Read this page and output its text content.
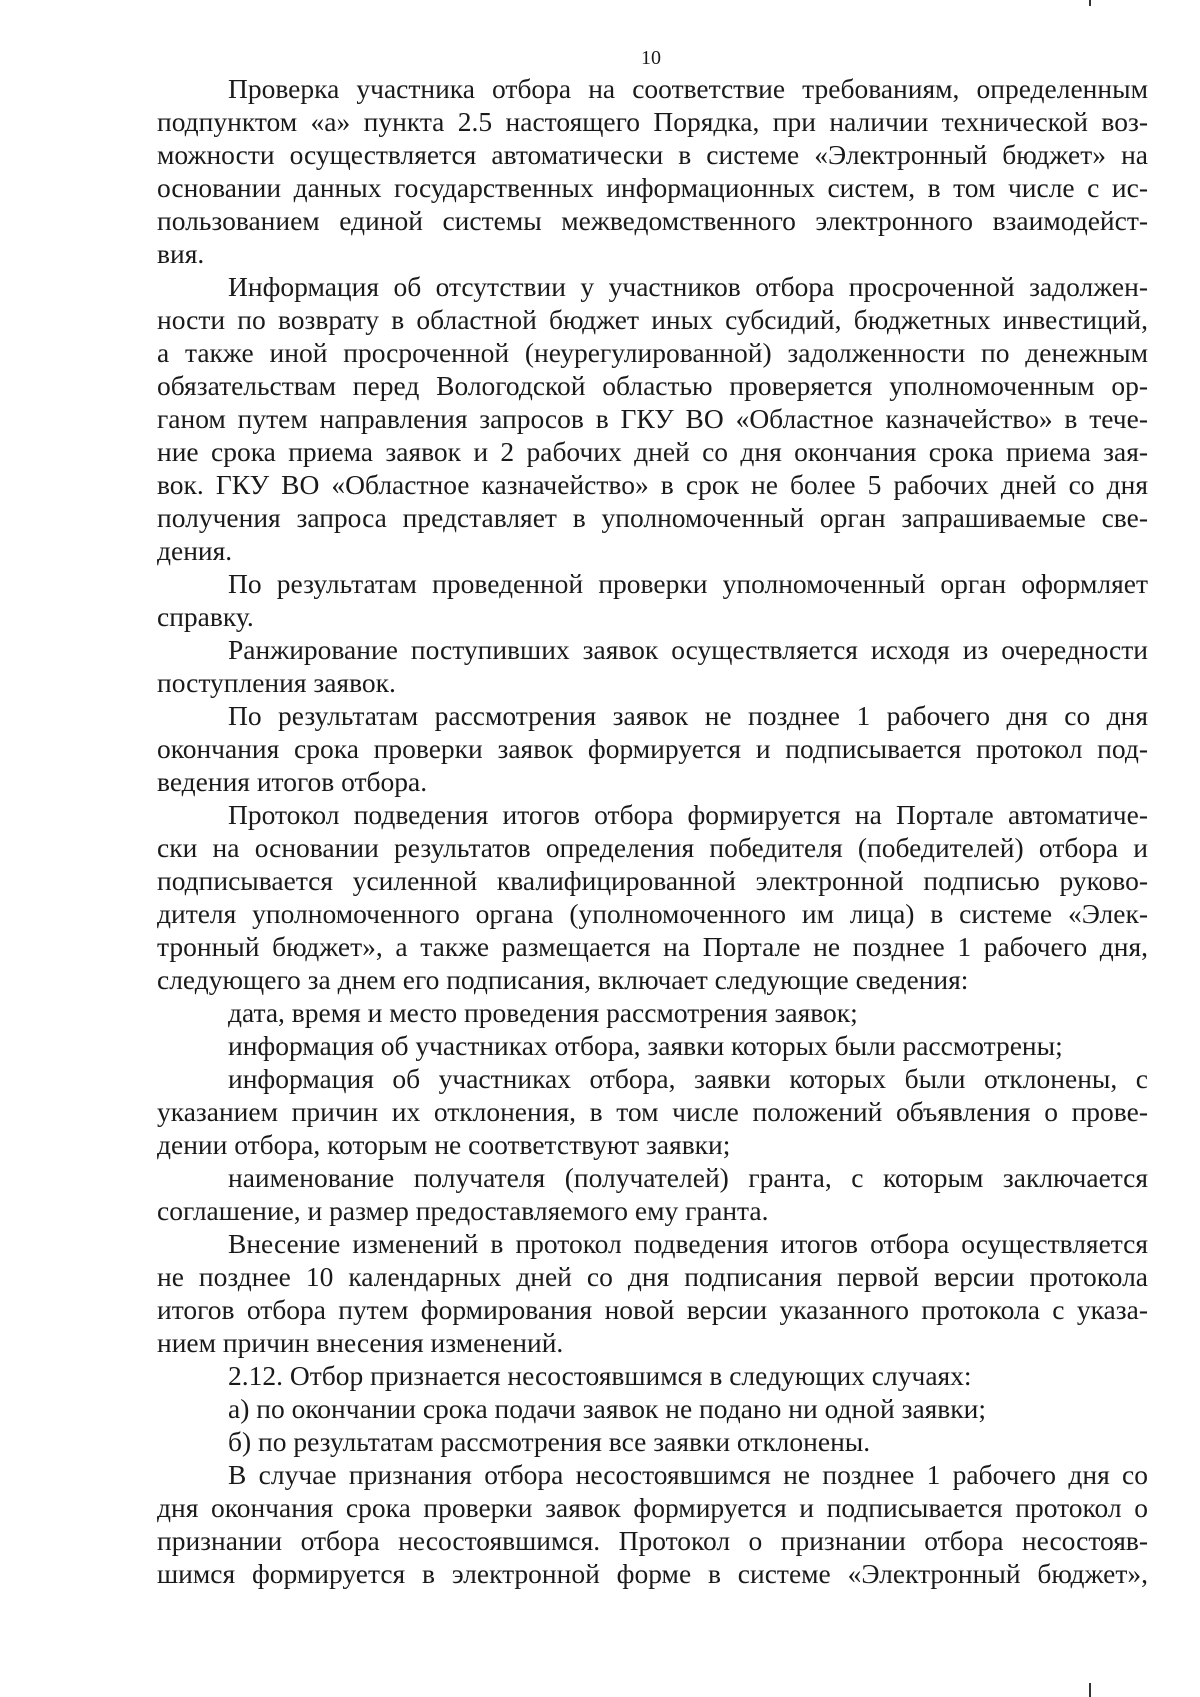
10
Проверка участника отбора на соответствие требованиям, определенным
подпунктом «а» пункта 2.5 настоящего Порядка, при наличии технической воз-
можности осуществляется автоматически в системе «Электронный бюджет» на
основании данных государственных информационных систем, в том числе с ис-
пользованием единой системы межведомственного электронного взаимодейст-
вия.
Информация об отсутствии у участников отбора просроченной задолжен-
ности по возврату в областной бюджет иных субсидий, бюджетных инвестиций,
а также иной просроченной (неурегулированной) задолженности по денежным
обязательствам перед Вологодской областью проверяется уполномоченным ор-
ганом путем направления запросов в ГКУ ВО «Областное казначейство» в тече-
ние срока приема заявок и 2 рабочих дней со дня окончания срока приема зая-
вок. ГКУ ВО «Областное казначейство» в срок не более 5 рабочих дней со дня
получения запроса представляет в уполномоченный орган запрашиваемые све-
дения.
По результатам проведенной проверки уполномоченный орган оформляет
справку.
Ранжирование поступивших заявок осуществляется исходя из очередности
поступления заявок.
По результатам рассмотрения заявок не позднее 1 рабочего дня со дня
окончания срока проверки заявок формируется и подписывается протокол под-
ведения итогов отбора.
Протокол подведения итогов отбора формируется на Портале автоматиче-
ски на основании результатов определения победителя (победителей) отбора и
подписывается усиленной квалифицированной электронной подписью руково-
дителя уполномоченного органа (уполномоченного им лица) в системе «Элек-
тронный бюджет», а также размещается на Портале не позднее 1 рабочего дня,
следующего за днем его подписания, включает следующие сведения:
дата, время и место проведения рассмотрения заявок;
информация об участниках отбора, заявки которых были рассмотрены;
информация об участниках отбора, заявки которых были отклонены, с
указанием причин их отклонения, в том числе положений объявления о прове-
дении отбора, которым не соответствуют заявки;
наименование получателя (получателей) гранта, с которым заключается
соглашение, и размер предоставляемого ему гранта.
Внесение изменений в протокол подведения итогов отбора осуществляется
не позднее 10 календарных дней со дня подписания первой версии протокола
итогов отбора путем формирования новой версии указанного протокола с указа-
нием причин внесения изменений.
2.12. Отбор признается несостоявшимся в следующих случаях:
а) по окончании срока подачи заявок не подано ни одной заявки;
б) по результатам рассмотрения все заявки отклонены.
В случае признания отбора несостоявшимся не позднее 1 рабочего дня со
дня окончания срока проверки заявок формируется и подписывается протокол о
признании отбора несостоявшимся. Протокол о признании отбора несостояв-
шимся формируется в электронной форме в системе «Электронный бюджет»,
